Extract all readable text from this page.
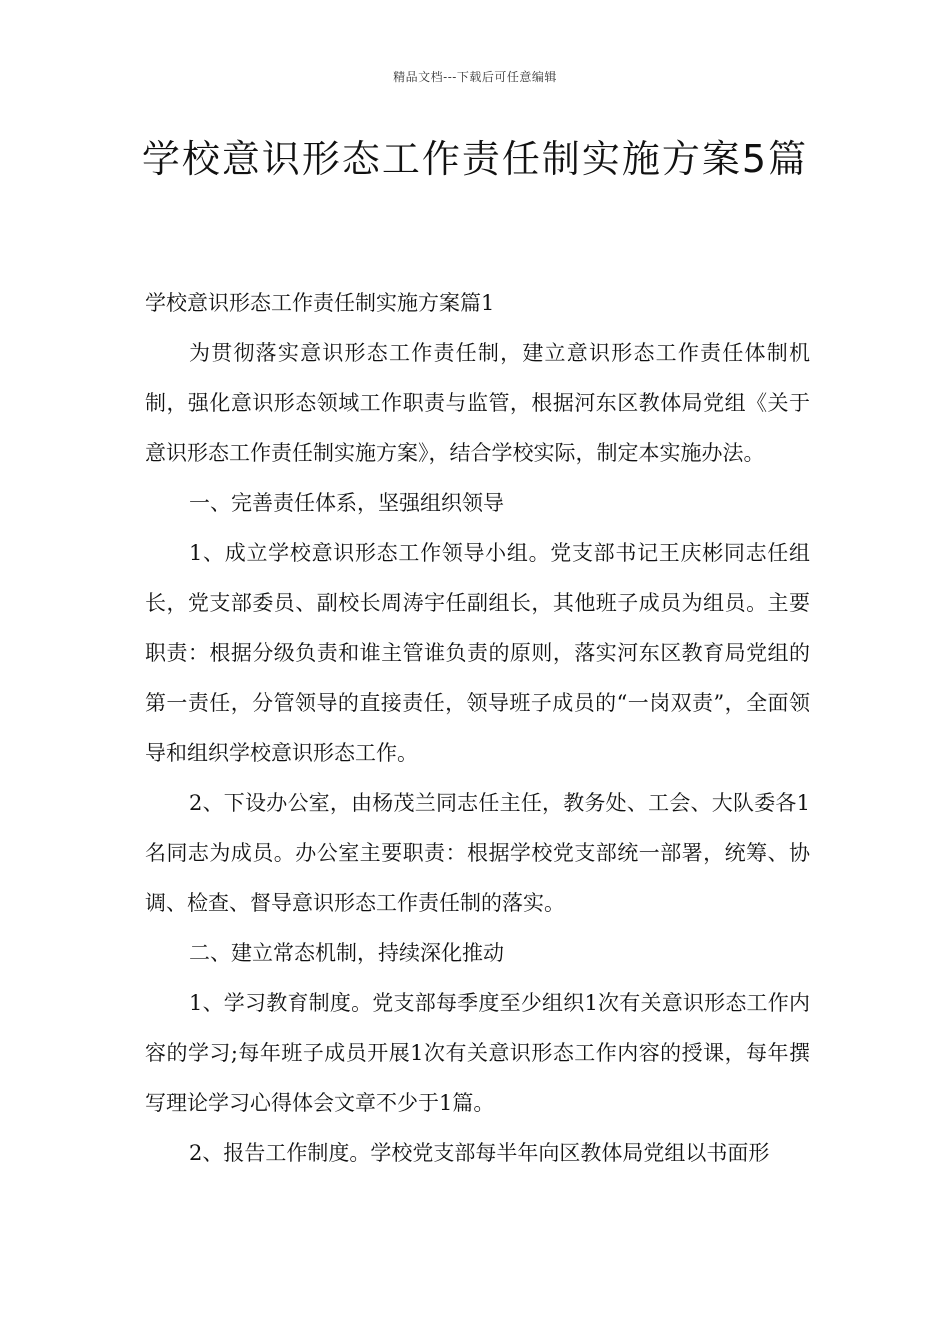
精品文档---下载后可任意编辑
学校意识形态工作责任制实施方案5篇

学校意识形态工作责任制实施方案篇1

为贯彻落实意识形态工作责任制，建立意识形态工作责任体制机制，强化意识形态领域工作职责与监管，根据河东区教体局党组《关于意识形态工作责任制实施方案》，结合学校实际，制定本实施办法。

一、完善责任体系，坚强组织领导

1、成立学校意识形态工作领导小组。党支部书记王庆彬同志任组长，党支部委员、副校长周涛宇任副组长，其他班子成员为组员。主要职责：根据分级负责和谁主管谁负责的原则，落实河东区教育局党组的第一责任，分管领导的直接责任，领导班子成员的“一岗双责”，全面领导和组织学校意识形态工作。

2、下设办公室，由杨茂兰同志任主任，教务处、工会、大队委各1名同志为成员。办公室主要职责：根据学校党支部统一部署，统筹、协调、检查、督导意识形态工作责任制的落实。

二、建立常态机制，持续深化推动

1、学习教育制度。党支部每季度至少组织1次有关意识形态工作内容的学习;每年班子成员开展1次有关意识形态工作内容的授课，每年撰写理论学习心得体会文章不少于1篇。

2、报告工作制度。学校党支部每半年向区教体局党组以书面形
